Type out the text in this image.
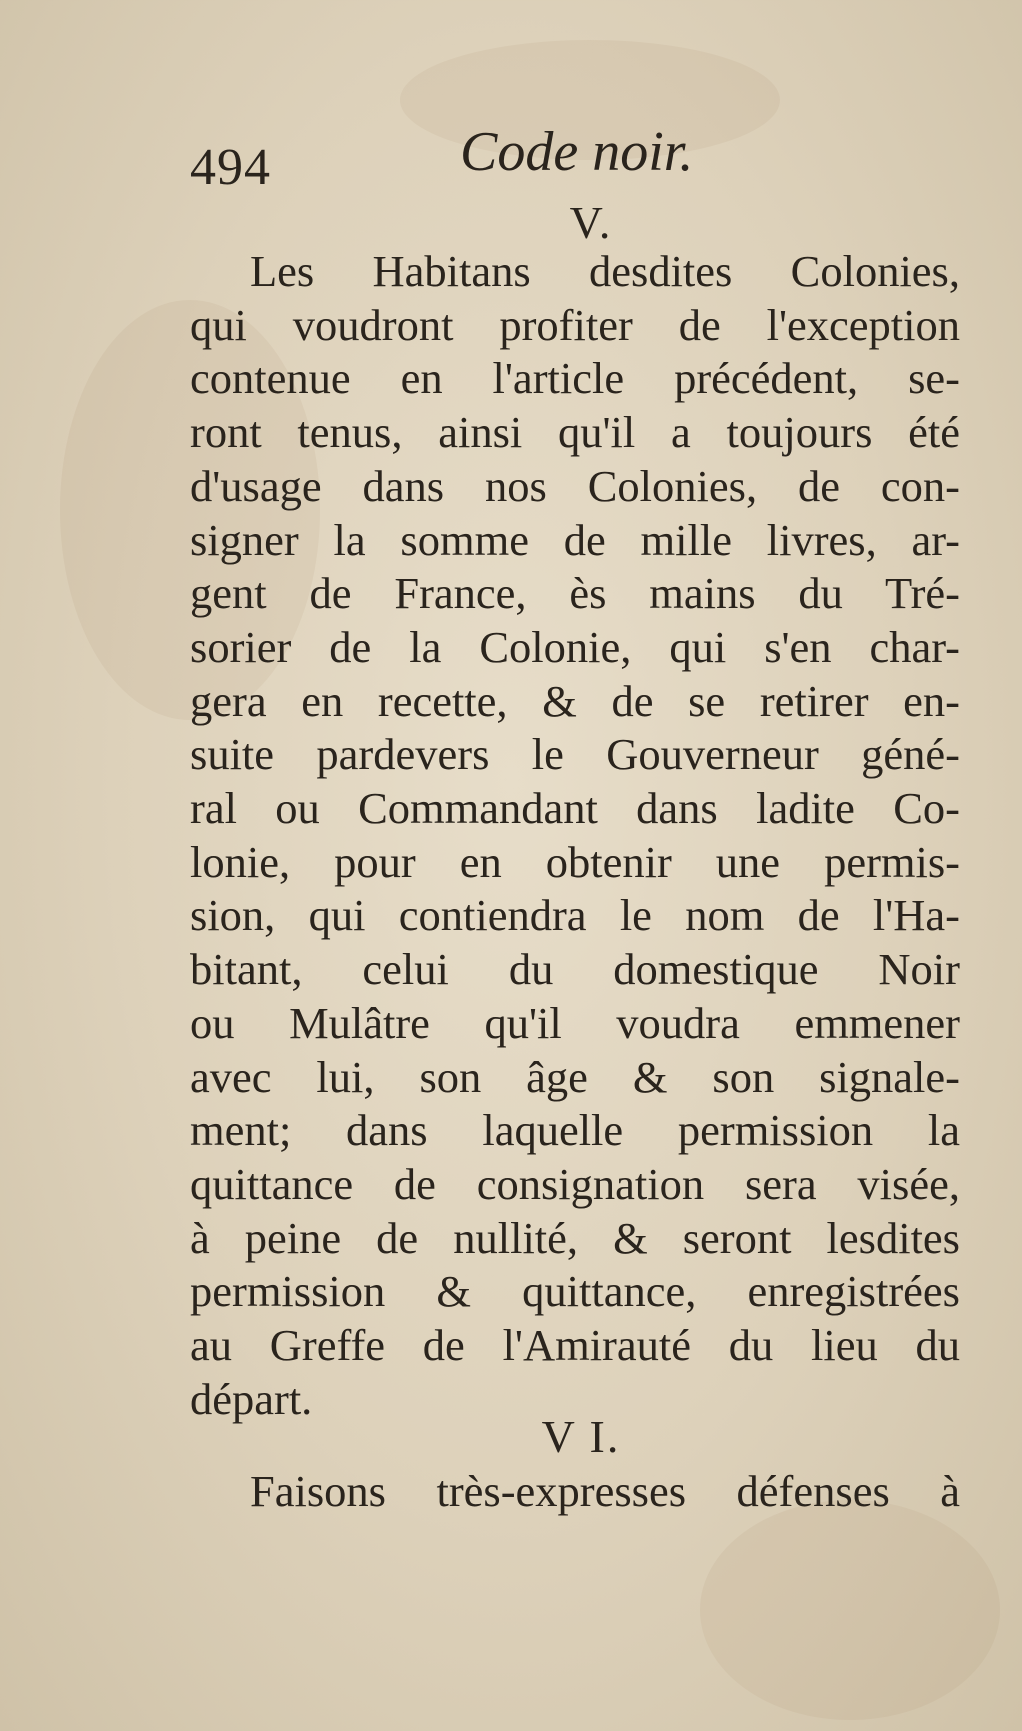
494	Code noir.
V.
Les Habitans desdites Colonies,
qui voudront profiter de l'exception
contenue en l'article précédent, se-
ront tenus, ainsi qu'il a toujours été
d'usage dans nos Colonies, de con-
signer la somme de mille livres, ar-
gent de France, ès mains du Tré-
sorier de la Colonie, qui s'en char-
gera en recette, & de se retirer en-
suite pardevers le Gouverneur géné-
ral ou Commandant dans ladite Co-
lonie, pour en obtenir une permis-
sion, qui contiendra le nom de l'Ha-
bitant, celui du domestique Noir
ou Mulâtre qu'il voudra emmener
avec lui, son âge & son signale-
ment; dans laquelle permission la
quittance de consignation sera visée,
à peine de nullité, & seront lesdites
permission & quittance, enregistrées
au Greffe de l'Amirauté du lieu du
départ.
V I.
Faisons très-expresses défenses à
